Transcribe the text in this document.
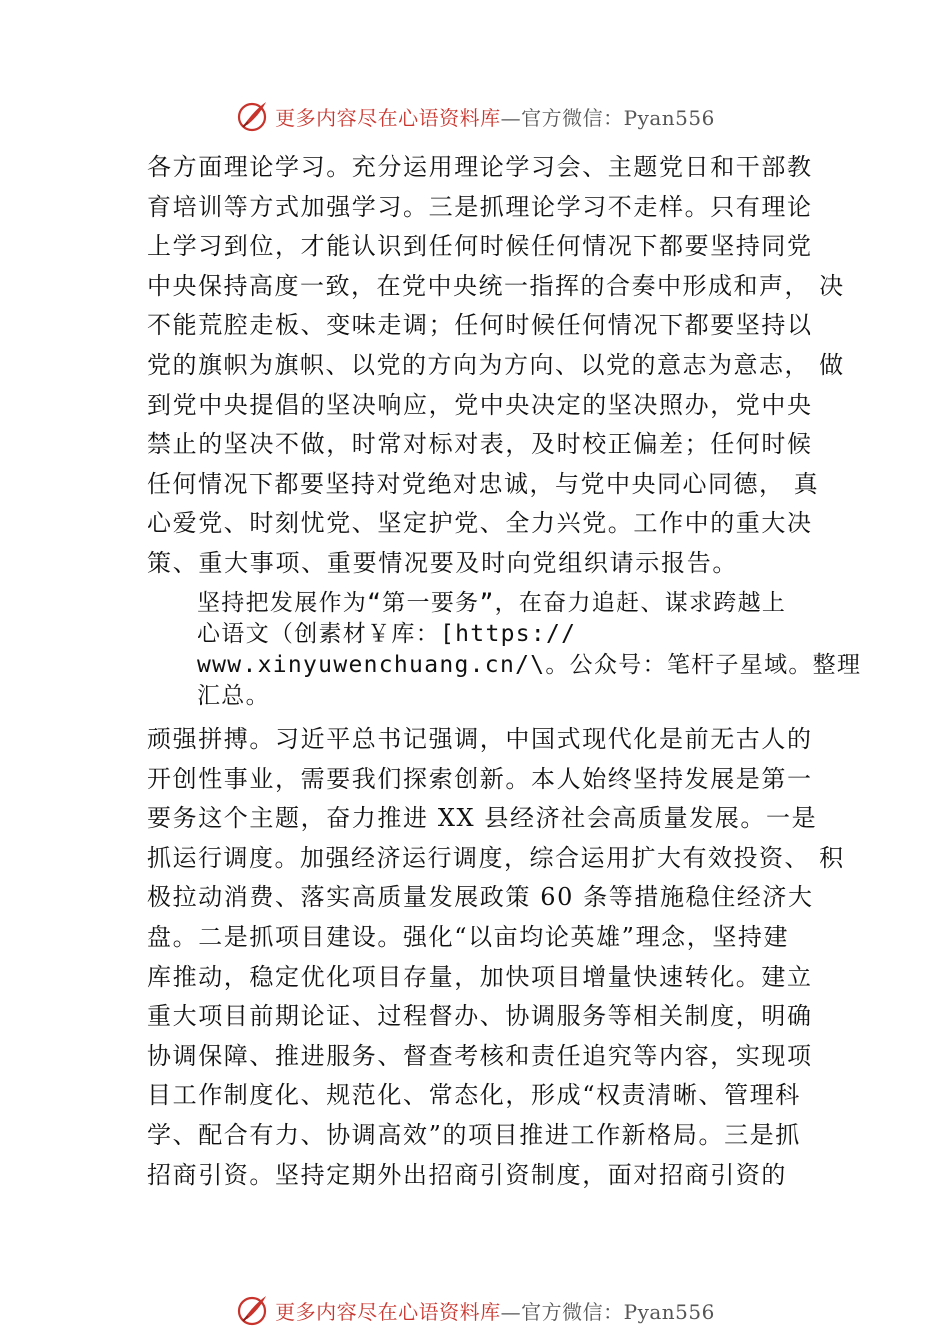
更多内容尽在心语资料库—官方微信：Pyan556
各方面理论学习。充分运用理论学习会、主题党日和干部教
育培训等方式加强学习。三是抓理论学习不走样。只有理论
上学习到位，才能认识到任何时候任何情况下都要坚持同党
中央保持高度一致，在党中央统一指挥的合奏中形成和声， 决
不能荒腔走板、变味走调；任何时候任何情况下都要坚持以
党的旗帜为旗帜、以党的方向为方向、以党的意志为意志， 做
到党中央提倡的坚决响应，党中央决定的坚决照办，党中央
禁止的坚决不做，时常对标对表，及时校正偏差；任何时候
任何情况下都要坚持对党绝对忠诚，与党中央同心同德， 真
心爱党、时刻忧党、坚定护党、全力兴党。工作中的重大决
策、重大事项、重要情况要及时向党组织请示报告。
坚持把发展作为“第一要务”，在奋力追赶、谋求跨越上
心语文（创素材￥库：[https://
www.xinyuwenchuang.cn/\。公众号：笔杆子星域。整理
汇总。
顽强拼搏。习近平总书记强调，中国式现代化是前无古人的
开创性事业，需要我们探索创新。本人始终坚持发展是第一
要务这个主题，奋力推进 XX 县经济社会高质量发展。一是
抓运行调度。加强经济运行调度，综合运用扩大有效投资、 积
极拉动消费、落实高质量发展政策 60 条等措施稳住经济大
盘。二是抓项目建设。强化“以亩均论英雄”理念，坚持建
库推动，稳定优化项目存量，加快项目增量快速转化。建立
重大项目前期论证、过程督办、协调服务等相关制度，明确
协调保障、推进服务、督查考核和责任追究等内容，实现项
目工作制度化、规范化、常态化，形成“权责清晰、管理科
学、配合有力、协调高效”的项目推进工作新格局。三是抓
招商引资。坚持定期外出招商引资制度，面对招商引资的
更多内容尽在心语资料库—官方微信：Pyan556
